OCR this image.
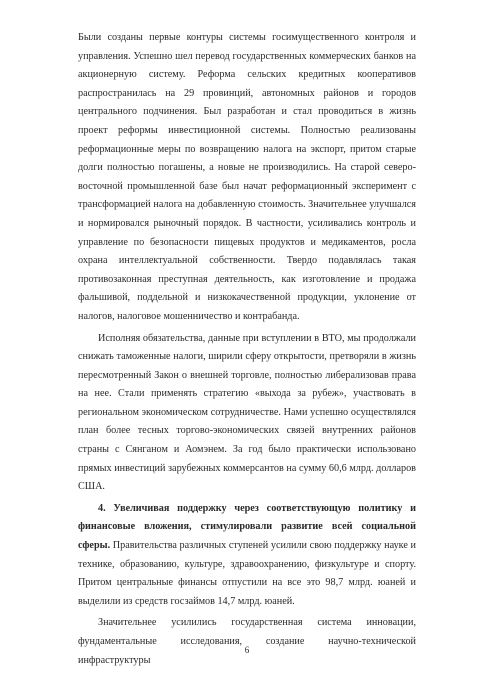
Были созданы первые контуры системы госимущественного контроля и управления. Успешно шел перевод государственных коммерческих банков на акционерную систему. Реформа сельских кредитных кооперативов распространилась на 29 провинций, автономных районов и городов центрального подчинения. Был разработан и стал проводиться в жизнь проект реформы инвестиционной системы. Полностью реализованы реформационные меры по возвращению налога на экспорт, притом старые долги полностью погашены, а новые не производились. На старой северо-восточной промышленной базе был начат реформационный эксперимент с трансформацией налога на добавленную стоимость. Значительнее улучшался и нормировался рыночный порядок. В частности, усиливались контроль и управление по безопасности пищевых продуктов и медикаментов, росла охрана интеллектуальной собственности. Твердо подавлялась такая противозаконная преступная деятельность, как изготовление и продажа фальшивой, поддельной и низкокачественной продукции, уклонение от налогов, налоговое мошенничество и контрабанда.

Исполняя обязательства, данные при вступлении в ВТО, мы продолжали снижать таможенные налоги, ширили сферу открытости, претворяли в жизнь пересмотренный Закон о внешней торговле, полностью либерализовав права на нее. Стали применять стратегию «выхода за рубеж», участвовать в региональном экономическом сотрудничестве. Нами успешно осуществлялся план более тесных торгово-экономических связей внутренних районов страны с Сянганом и Аомэнем. За год было практически использовано прямых инвестиций зарубежных коммерсантов на сумму 60,6 млрд. долларов США.

4. Увеличивая поддержку через соответствующую политику и финансовые вложения, стимулировали развитие всей социальной сферы. Правительства различных ступеней усилили свою поддержку науке и технике, образованию, культуре, здравоохранению, физкультуре и спорту. Притом центральные финансы отпустили на все это 98,7 млрд. юаней и выделили из средств госзаймов 14,7 млрд. юаней.

Значительнее усилились государственная система инновации, фундаментальные исследования, создание научно-технической инфраструктуры

6
